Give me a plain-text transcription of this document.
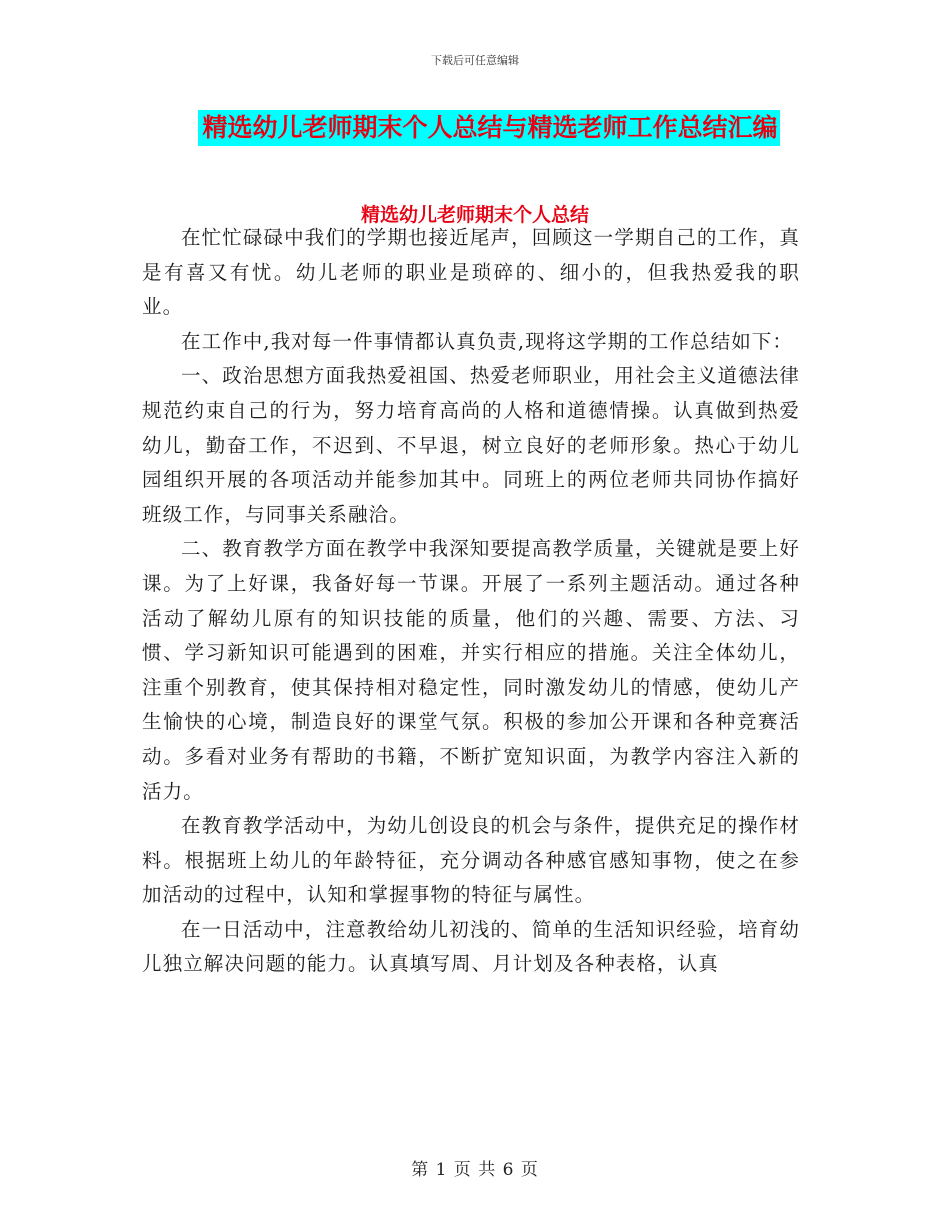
下载后可任意编辑
精选幼儿老师期末个人总结与精选老师工作总结汇编
精选幼儿老师期末个人总结

在忙忙碌碌中我们的学期也接近尾声，回顾这一学期自己的工作，真是有喜又有忧。幼儿老师的职业是琐碎的、细小的，但我热爱我的职业。

在工作中,我对每一件事情都认真负责,现将这学期的工作总结如下：

一、政治思想方面我热爱祖国、热爱老师职业，用社会主义道德法律规范约束自己的行为，努力培育高尚的人格和道德情操。认真做到热爱幼儿，勤奋工作，不迟到、不早退，树立良好的老师形象。热心于幼儿园组织开展的各项活动并能参加其中。同班上的两位老师共同协作搞好班级工作，与同事关系融洽。

二、教育教学方面在教学中我深知要提高教学质量，关键就是要上好课。为了上好课，我备好每一节课。开展了一系列主题活动。通过各种活动了解幼儿原有的知识技能的质量，他们的兴趣、需要、方法、习惯、学习新知识可能遇到的困难，并实行相应的措施。关注全体幼儿，注重个别教育，使其保持相对稳定性，同时激发幼儿的情感，使幼儿产生愉快的心境，制造良好的课堂气氛。积极的参加公开课和各种竞赛活动。多看对业务有帮助的书籍，不断扩宽知识面，为教学内容注入新的活力。

在教育教学活动中，为幼儿创设良的机会与条件，提供充足的操作材料。根据班上幼儿的年龄特征，充分调动各种感官感知事物，使之在参加活动的过程中，认知和掌握事物的特征与属性。

在一日活动中，注意教给幼儿初浅的、简单的生活知识经验，培育幼儿独立解决问题的能力。认真填写周、月计划及各种表格，认真

第 1 页 共 6 页
